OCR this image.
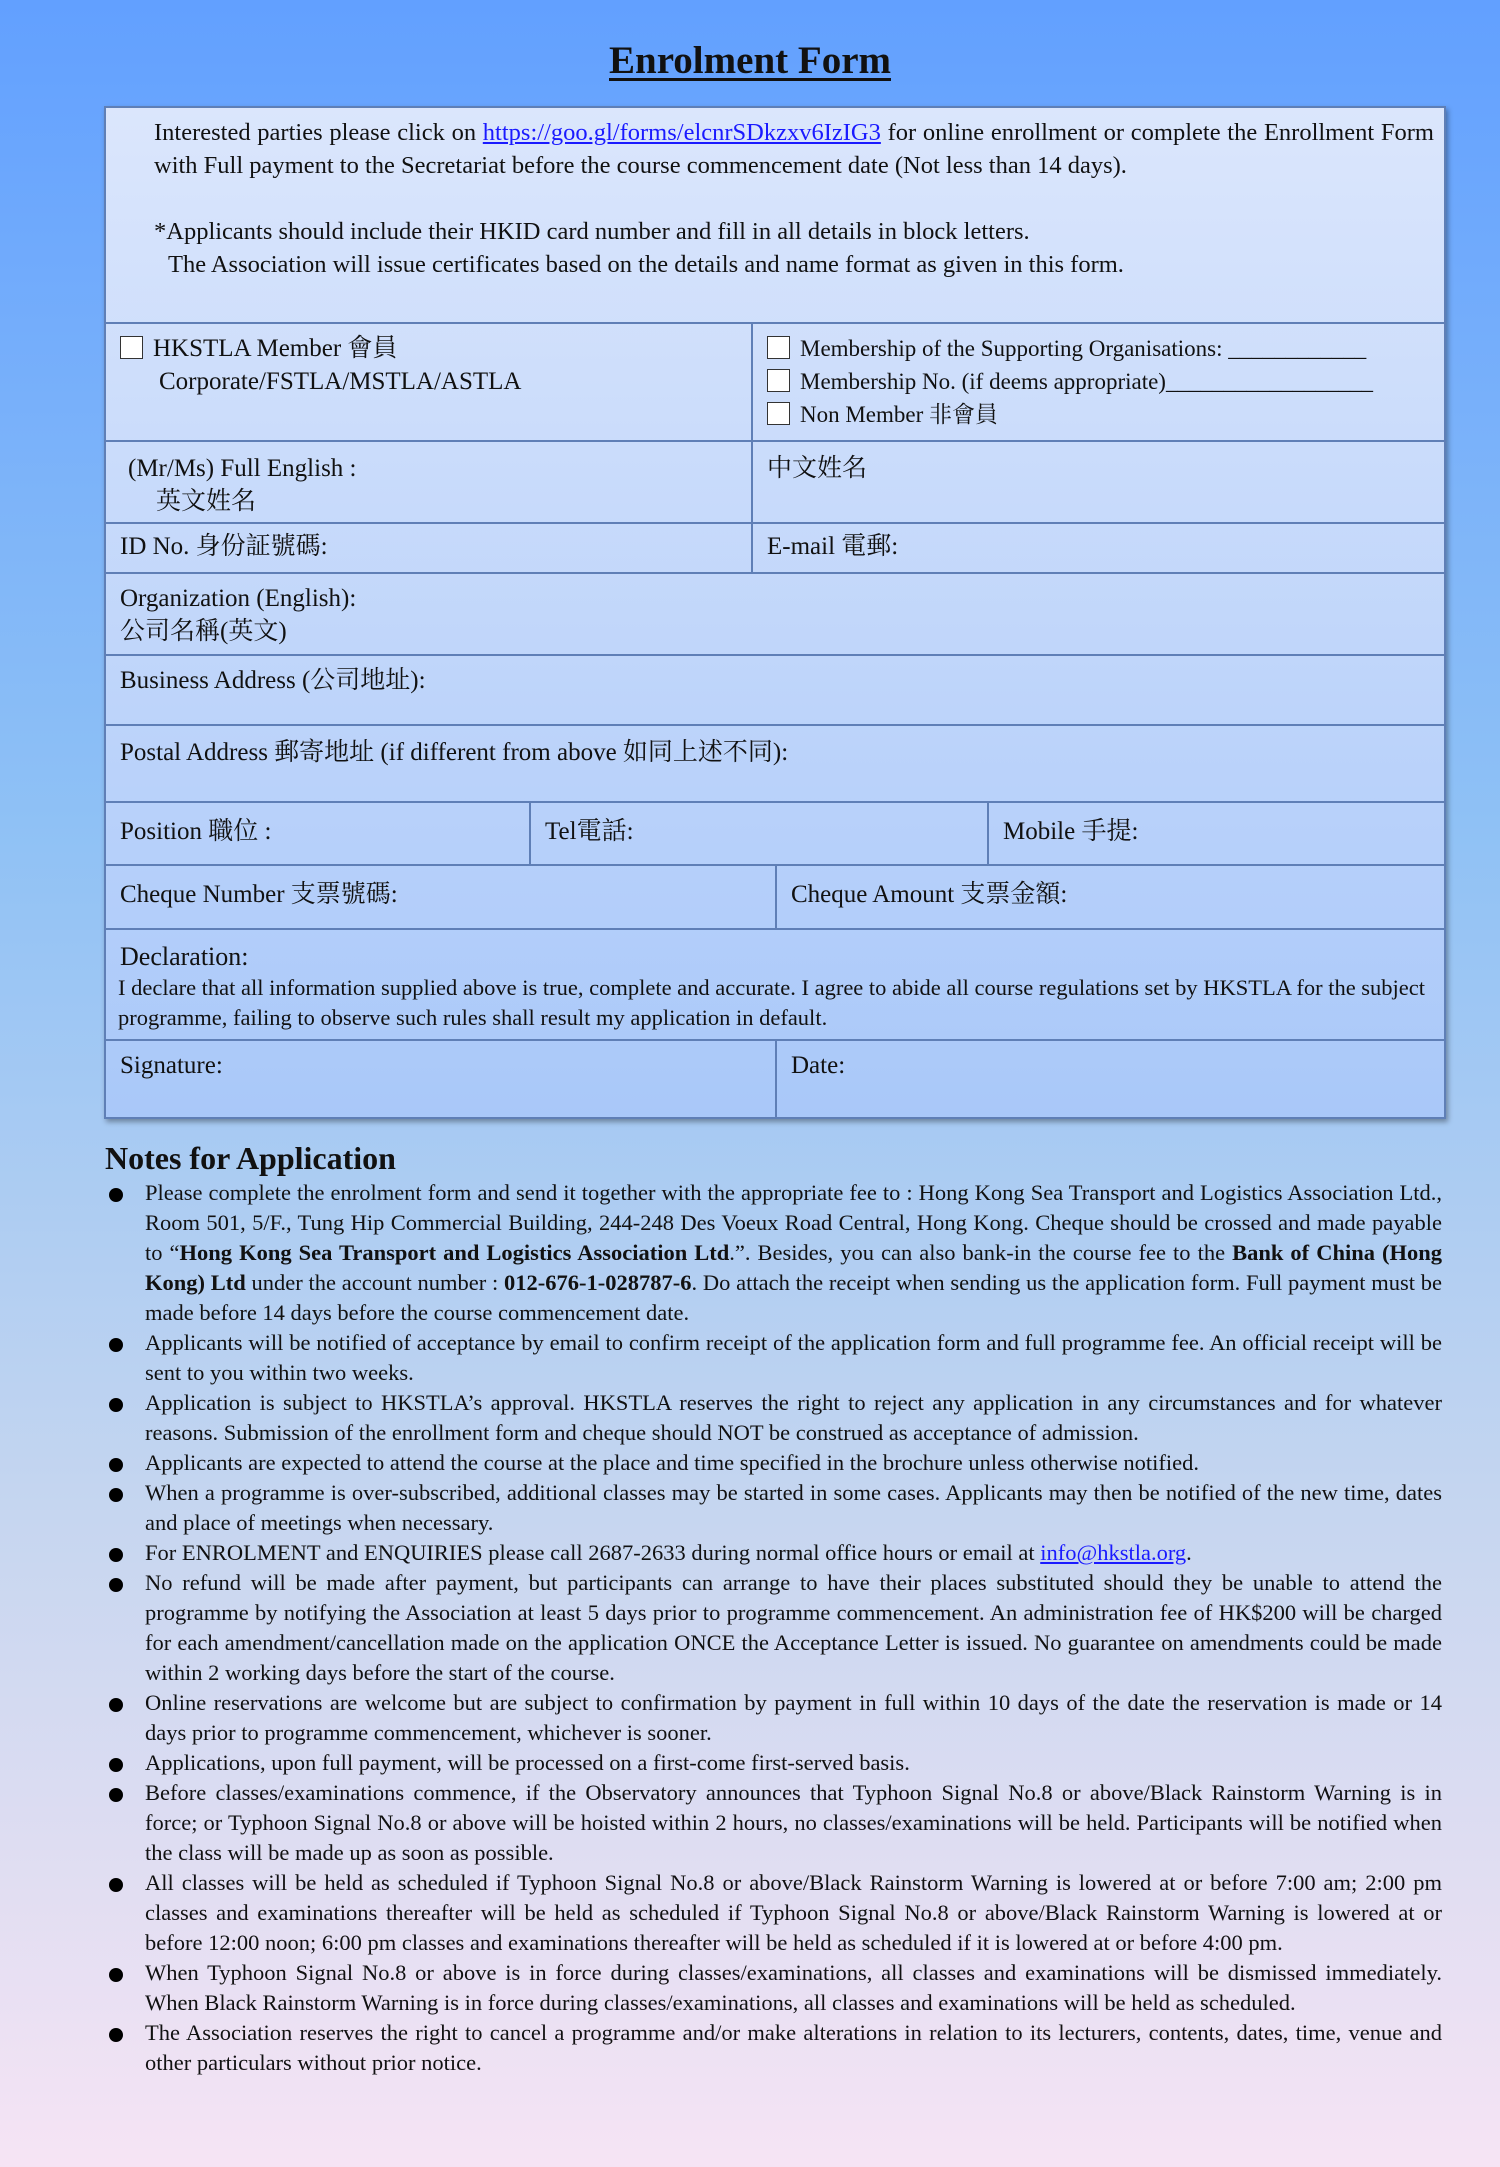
Enrolment Form

Interested parties please click on https://goo.gl/forms/elcnrSDkzxv6IzIG3 for online enrollment or complete the Enrollment Form with Full payment to the Secretariat before the course commencement date (Not less than 14 days).

*Applicants should include their HKID card number and fill in all details in block letters.

The Association will issue certificates based on the details and name format as given in this form.

HKSTLA Member 會員
Corporate/FSTLA/MSTLA/ASTLA
Membership of the Supporting Organisations: ____________
Membership No. (if deems appropriate)__________________
Non Member 非會員
(Mr/Ms) Full English :
英文姓名
中文姓名
ID No. 身份証號碼:	E-mail 電郵:
Organization (English):
公司名稱(英文)
Business Address (公司地址):
Postal Address 郵寄地址 (if different from above 如同上述不同):
Position 職位 :	Tel電話:	Mobile 手提:
Cheque Number 支票號碼:	Cheque Amount 支票金額:
Declaration:
I declare that all information supplied above is true, complete and accurate. I agree to abide all course regulations set by HKSTLA for the subject programme, failing to observe such rules shall result my application in default.
Signature:	Date:
Notes for Application
Please complete the enrolment form and send it together with the appropriate fee to : Hong Kong Sea Transport and Logistics Association Ltd., Room 501, 5/F., Tung Hip Commercial Building, 244-248 Des Voeux Road Central, Hong Kong. Cheque should be crossed and made payable to “Hong Kong Sea Transport and Logistics Association Ltd.”. Besides, you can also bank-in the course fee to the Bank of China (Hong Kong) Ltd under the account number : 012-676-1-028787-6. Do attach the receipt when sending us the application form. Full payment must be made before 14 days before the course commencement date.
Applicants will be notified of acceptance by email to confirm receipt of the application form and full programme fee. An official receipt will be sent to you within two weeks.
Application is subject to HKSTLA’s approval. HKSTLA reserves the right to reject any application in any circumstances and for whatever reasons. Submission of the enrollment form and cheque should NOT be construed as acceptance of admission.
Applicants are expected to attend the course at the place and time specified in the brochure unless otherwise notified.
When a programme is over-subscribed, additional classes may be started in some cases. Applicants may then be notified of the new time, dates and place of meetings when necessary.
For ENROLMENT and ENQUIRIES please call 2687-2633 during normal office hours or email at info@hkstla.org.
No refund will be made after payment, but participants can arrange to have their places substituted should they be unable to attend the programme by notifying the Association at least 5 days prior to programme commencement. An administration fee of HK$200 will be charged for each amendment/cancellation made on the application ONCE the Acceptance Letter is issued. No guarantee on amendments could be made within 2 working days before the start of the course.
Online reservations are welcome but are subject to confirmation by payment in full within 10 days of the date the reservation is made or 14 days prior to programme commencement, whichever is sooner.
Applications, upon full payment, will be processed on a first-come first-served basis.
Before classes/examinations commence, if the Observatory announces that Typhoon Signal No.8 or above/Black Rainstorm Warning is in force; or Typhoon Signal No.8 or above will be hoisted within 2 hours, no classes/examinations will be held. Participants will be notified when the class will be made up as soon as possible.
All classes will be held as scheduled if Typhoon Signal No.8 or above/Black Rainstorm Warning is lowered at or before 7:00 am; 2:00 pm classes and examinations thereafter will be held as scheduled if Typhoon Signal No.8 or above/Black Rainstorm Warning is lowered at or before 12:00 noon; 6:00 pm classes and examinations thereafter will be held as scheduled if it is lowered at or before 4:00 pm.
When Typhoon Signal No.8 or above is in force during classes/examinations, all classes and examinations will be dismissed immediately. When Black Rainstorm Warning is in force during classes/examinations, all classes and examinations will be held as scheduled.
The Association reserves the right to cancel a programme and/or make alterations in relation to its lecturers, contents, dates, time, venue and other particulars without prior notice.
